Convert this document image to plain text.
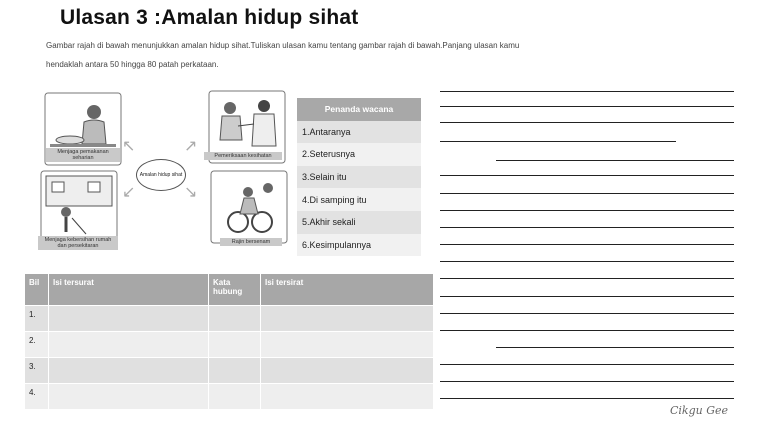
Ulasan 3 :Amalan hidup sihat
Gambar rajah di bawah menunjukkan amalan hidup sihat.Tuliskan ulasan kamu tentang gambar rajah di bawah.Panjang ulasan kamu
hendaklah antara 50 hingga 80 patah perkataan.
Menjaga pemakanan seharian	Pemeriksaan kesihatan
Amalan hidup sihat
↖	↗
↙	↘
Menjaga kebersihan rumah dan persekitaran
Rajin bersenam
Penanda wacana
1.Antaranya
2.Seterusnya
3.Selain itu
4.Di samping itu
5.Akhir sekali
6.Kesimpulannya
Bil	Isi tersurat	Kata hubung	Isi tersirat
1.			
2.			
3.			
4.			
Cikgu Gee
